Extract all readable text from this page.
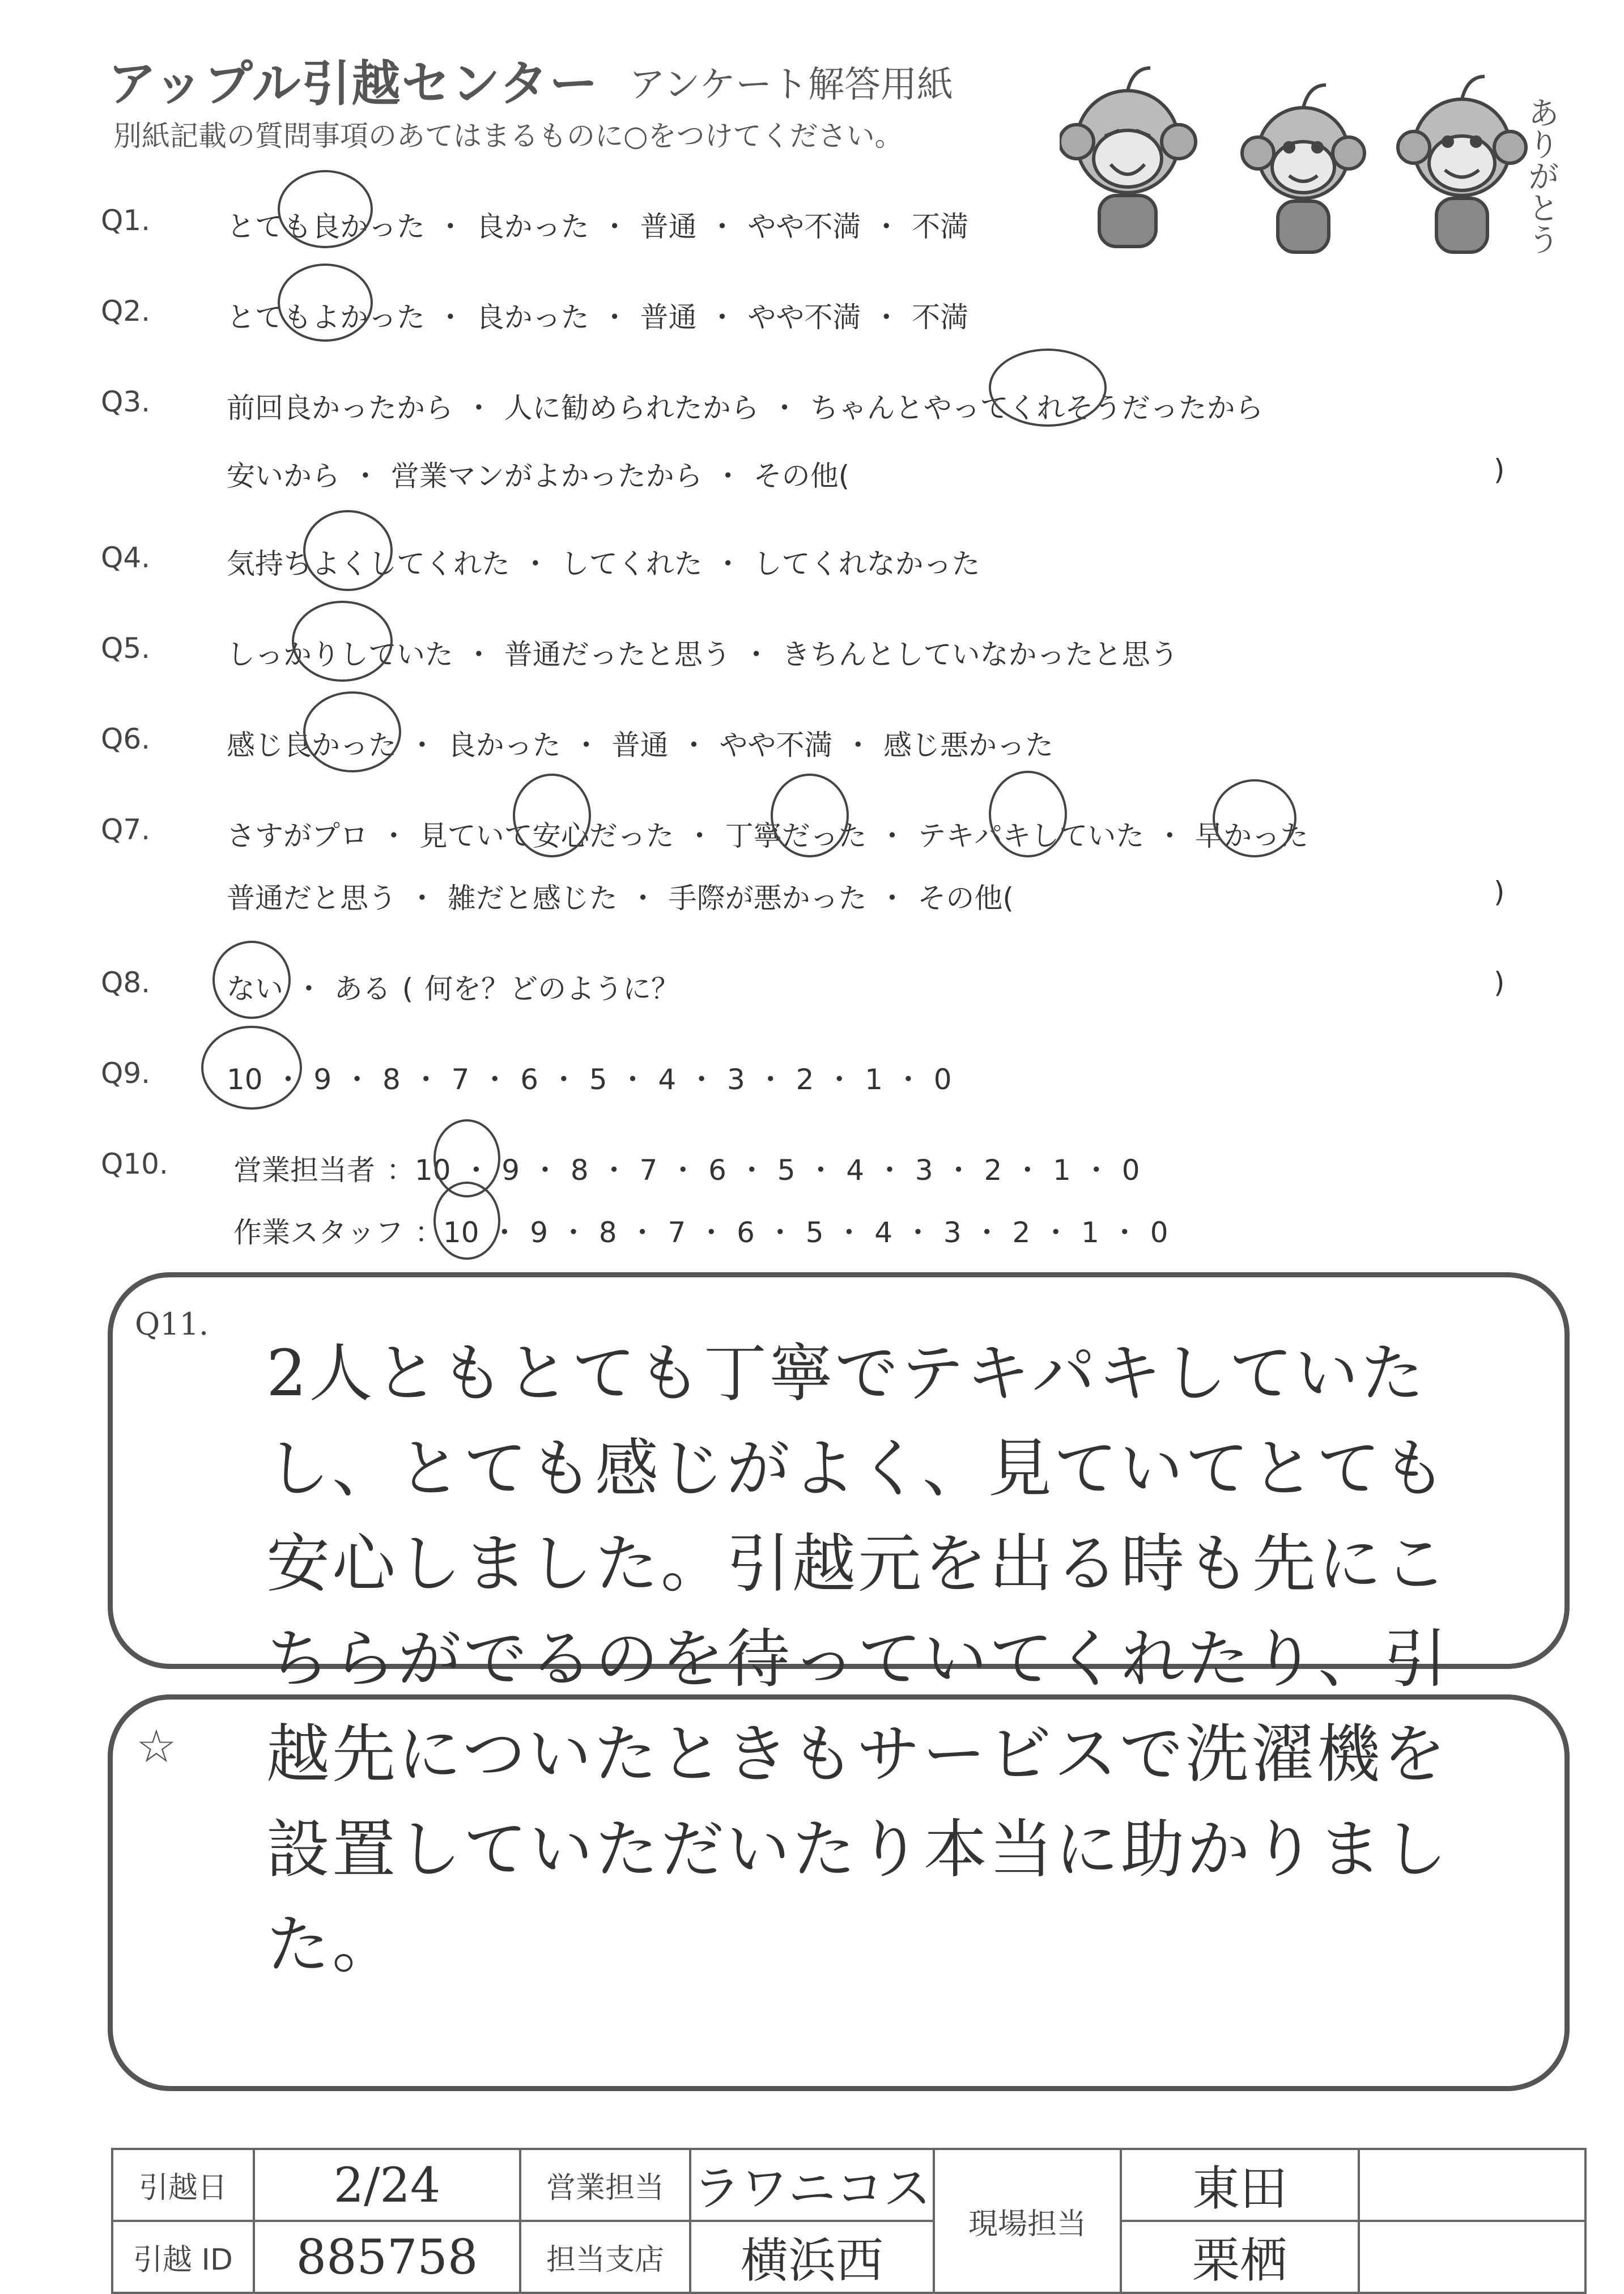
アップル引越センター アンケート解答用紙
別紙記載の質問事項のあてはまるものに○をつけてください。	ありがとう
Q1.	とても良かった ・ 良かった ・ 普通 ・ やや不満 ・ 不満
Q2.	とてもよかった ・ 良かった ・ 普通 ・ やや不満 ・ 不満
Q3.	前回良かったから ・ 人に勧められたから ・ ちゃんとやってくれそうだったから
安いから ・ 営業マンがよかったから ・ その他(	)
Q4.	気持ちよくしてくれた ・ してくれた ・ してくれなかった
Q5.	しっかりしていた ・ 普通だったと思う ・ きちんとしていなかったと思う
Q6.	感じ良かった ・ 良かった ・ 普通 ・ やや不満 ・ 感じ悪かった
Q7.	さすがプロ ・ 見ていて安心だった ・ 丁寧だった ・ テキパキしていた ・ 早かった
普通だと思う ・ 雑だと感じた ・ 手際が悪かった ・ その他(	)
Q8.	ない ・ ある ( 何を？どのように？	)
Q9.	10 ・ 9 ・ 8 ・ 7 ・ 6 ・ 5 ・ 4 ・ 3 ・ 2 ・ 1 ・ 0
Q10. 営業担当者 ：10 ・ 9 ・ 8 ・ 7 ・ 6 ・ 5 ・ 4 ・ 3 ・ 2 ・ 1 ・ 0
作業スタッフ ：10 ・ 9 ・ 8 ・ 7 ・ 6 ・ 5 ・ 4 ・ 3 ・ 2 ・ 1 ・ 0
Q11.
2人ともとても丁寧でテキパキしていたし、とても感じがよく、見ていてとても安心しました。引越元を出る時も先にこちらがでるのを待っていてくれたり、引越先についたときもサービスで洗濯機を設置していただいたり本当に助かりました。
☆
引越日	2/24	営業担当	ラワニコス	現場担当	東田	
引越 ID	885758	担当支店	横浜西		栗栖	
